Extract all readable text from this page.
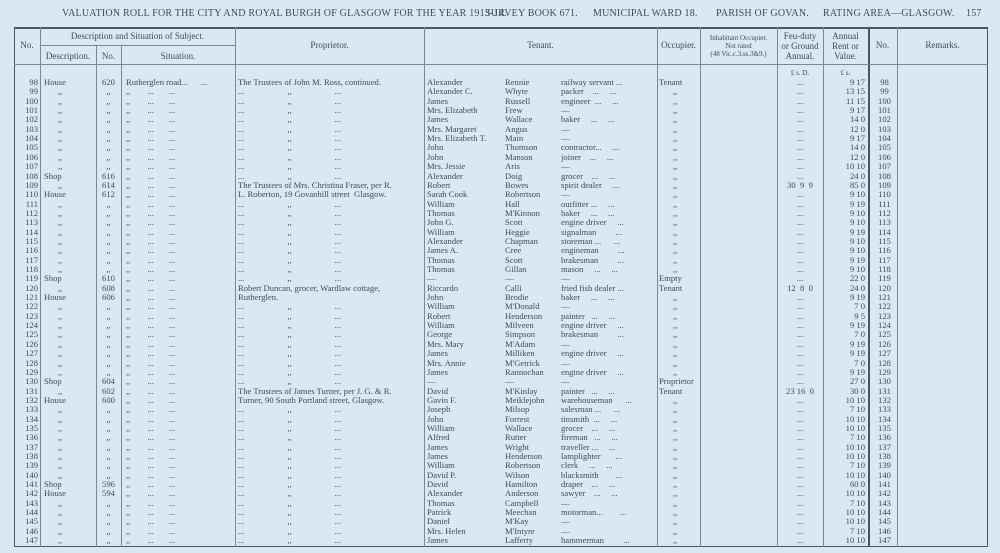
VALUATION ROLL FOR THE CITY AND ROYAL BURGH OF GLASGOW FOR THE YEAR 1913-14.
SURVEY BOOK 671. MUNICIPAL WARD 18. PARISH OF GOVAN. RATING AREA—GLASGOW. 157
No.
Description and Situation of Subject.
Description.	No.	Situation.
Proprietor.	Tenant.	Occupier.
Inhabitant Occupier.
Not rated
(48 Vic.c.3,ss.3&9.)
Feu-duty
or Ground
Annual.
Annual
Rent or
Value.
No.	Remarks.
£ s. D.	£ s.
98 House	620	Rutherglen road...      ...	The Trustees of John M. Ross, continued.	Alexander	Rennie	railway servant ...	Tenant	...	9 17	98
99	,,	,,	,,        ...       ...	...                    ,,                    ...	Alexander C.	Whyte	packer    ...     ...	,,	...	13 15	99
100	,,	,,	,,        ...       ...	...                    ,,                    ...	James	Russell	engineer  ...     ...	,,	...	11 15	100
101	,,	,,	,,        ...       ...	...                    ,,                    ...	Mrs. Elizabeth	Frew	—	,,	...	9 17	101
102	,,	,,	,,        ...       ...	...                    ,,                    ...	James	Wallace	baker     ...     ...	,,	...	14 0	102
103	,,	,,	,,        ...       ...	...                    ,,                    ...	Mrs. Margaret	Angus	—	,,	...	12 0	103
104	,,	,,	,,        ...       ...	...                    ,,                    ...	Mrs. Elizabeth T.	Main	—	,,	...	9 17	104
105	,,	,,	,,        ...       ...	...                    ,,                    ...	John	Thomson	contractor...     ...	,,	...	14 0	105
106	,,	,,	,,        ...       ...	...                    ,,                    ...	John	Manson	joiner    ...     ...	,,	...	12 0	106
107	,,	,,	,,        ...       ...	...                    ,,                    ...	Mrs. Jessie	Aris	—	,,	...	10 10	107
108 Shop	616	,,        ...       ...	...                    ,,                    ...	Alexander	Doig	grocer    ...     ...	,,	...	24 0	108
109	,,	614	,,        ...       ...	The Trustees of Mrs. Christina Fraser, per R.	Robert	Bowes	spirit dealer     ...	,,	30  9  9	85 0	109
110 House	612	,,        ...       ...	L. Roberton, 19 Govanhill street  Glasgow.	Sarah Cook	Robertson	—	,,	...	9 10	110
111	,,	,,	,,        ...       ...	...                    ,,                    ...	William	Hall	outfitter ...     ...	,,	...	9 19	111
112	,,	,,	,,        ...       ...	...                    ,,                    ...	Thomas	M'Kinnon	baker     ...     ...	,,	...	9 10	112
113	,,	,,	,,        ...       ...	...                    ,,                    ...	John G.	Scott	engine driver     ...	,,	...	9 10	113
114	,,	,,	,,        ...       ...	...                    ,,                    ...	William	Heggie	signalman         ...	,,	...	9 19	114
115	,,	,,	,,        ...       ...	...                    ,,                    ...	Alexander	Chapman	storeman ...      ...	,,	...	9 10	115
116	,,	,,	,,        ...       ...	...                    ,,                    ...	James A.	Cree	engineman         ...	,,	...	9 10	116
117	,,	,,	,,        ...       ...	...                    ,,                    ...	Thomas	Scott	brakesman         ...	,,	...	9 19	117
118	,,	,,	,,        ...       ...	...                    ,,                    ...	Thomas	Gillan	mason     ...     ...	,,	...	9 10	118
119 Shop	610	,,        ...       ...	...                    ,,                    ...	—	—	—	Empty	...	22 0	119
120	,,	608	,,        ...       ...	Robert Duncan, grocer, Wardlaw cottage,	Riccardo	Calli	fried fish dealer ...	Tenant	12  8  0	24 0	120
121 House	606	,,        ...       ...	Rutherglen.	John	Brodie	baker     ...     ...	,,	...	9 19	121
122	,,	,,	,,        ...       ...	...                    ,,                    ...	William	M'Donald	—	,,	...	7 0	122
123	,,	,,	,,        ...       ...	...                    ,,                    ...	Robert	Henderson	painter   ...     ...	,,	...	9 5	123
124	,,	,,	,,        ...       ...	...                    ,,                    ...	William	Milveen	engine driver     ...	,,	...	9 19	124
125	,,	,,	,,        ...       ...	...                    ,,                    ...	George	Simpson	brakesman         ...	,,	...	7 0	125
126	,,	,,	,,        ...       ...	...                    ,,                    ...	Mrs. Mary	M'Adam	—	,,	...	9 19	126
127	,,	,,	,,        ...       ...	...                    ,,                    ...	James	Milliken	engine driver     ...	,,	...	9 19	127
128	,,	,,	,,        ...       ...	...                    ,,                    ...	Mrs. Annie	M'Getrick	—	,,	...	7 0	128
129	,,	,,	,,        ...       ...	...                    ,,                    ...	James	Rannochan	engine driver     ...	,,	...	9 19	129
130 Shop	604	,,        ...       ...	...                    ,,                    ...	—	—	—	Proprietor	...	27 0	130
131	,,	602	,,        ...       ...	The Trustees of James Turner, per J. G. & R.	David	M'Kinlay	painter   ...     ...	Tenant	23 16  0	30 0	131
132 House	600	,,        ...       ...	Turner, 90 South Portland street, Glasgow.	Gavin F.	Meiklejohn	warehouseman      ...	,,	...	10 10	132
133	,,	,,	,,        ...       ...	...                    ,,                    ...	Joseph	Milsop	salesman ...      ...	,,	...	7 10	133
134	,,	,,	,,        ...       ...	...                    ,,                    ...	John	Forrest	tinsmith  ...     ...	,,	...	10 10	134
135	,,	,,	,,        ...       ...	...                    ,,                    ...	William	Wallace	grocer    ...     ...	,,	...	10 10	135
136	,,	,,	,,        ...       ...	...                    ,,                    ...	Alfred	Rutter	fireman   ...     ...	,,	...	7 10	136
137	,,	,,	,,        ...       ...	...                    ,,                    ...	James	Wright	traveller ...     ...	,,	...	10 10	137
138	,,	,,	,,        ...       ...	...                    ,,                    ...	James	Henderson	lamplighter       ...	,,	...	10 10	138
139	,,	,,	,,        ...       ...	...                    ,,                    ...	William	Robertson	clerk     ...     ...	,,	...	7 10	139
140	,,	,,	,,        ...       ...	...                    ,,                    ...	David P.	Wilson	blacksmith        ...	,,	...	10 10	140
141 Shop	596	,,        ...       ...	...                    ,,                    ...	David	Hamilton	draper    ...     ...	,,	...	60 0	141
142 House	594	,,        ...       ...	...                    ,,                    ...	Alexander	Anderson	sawyer    ...     ...	,,	...	10 10	142
143	,,	,,	,,        ...       ...	...                    ,,                    ...	Thomas	Campbell	—	,,	...	7 10	143
144	,,	,,	,,        ...       ...	...                    ,,                    ...	Patrick	Meechan	motorman...        ...	,,	...	10 10	144
145	,,	,,	,,        ...       ...	...                    ,,                    ...	Daniel	M'Kay	—	,,	...	10 10	145
146	,,	,,	,,        ...       ...	...                    ,,                    ...	Mrs. Helen	M'Intyre	—	,,	...	7 10	146
147	,,	,,	,,        ...       ...	...                    ,,                    ...	James	Lafferty	hammerman         ...	,,	...	10 10	147
